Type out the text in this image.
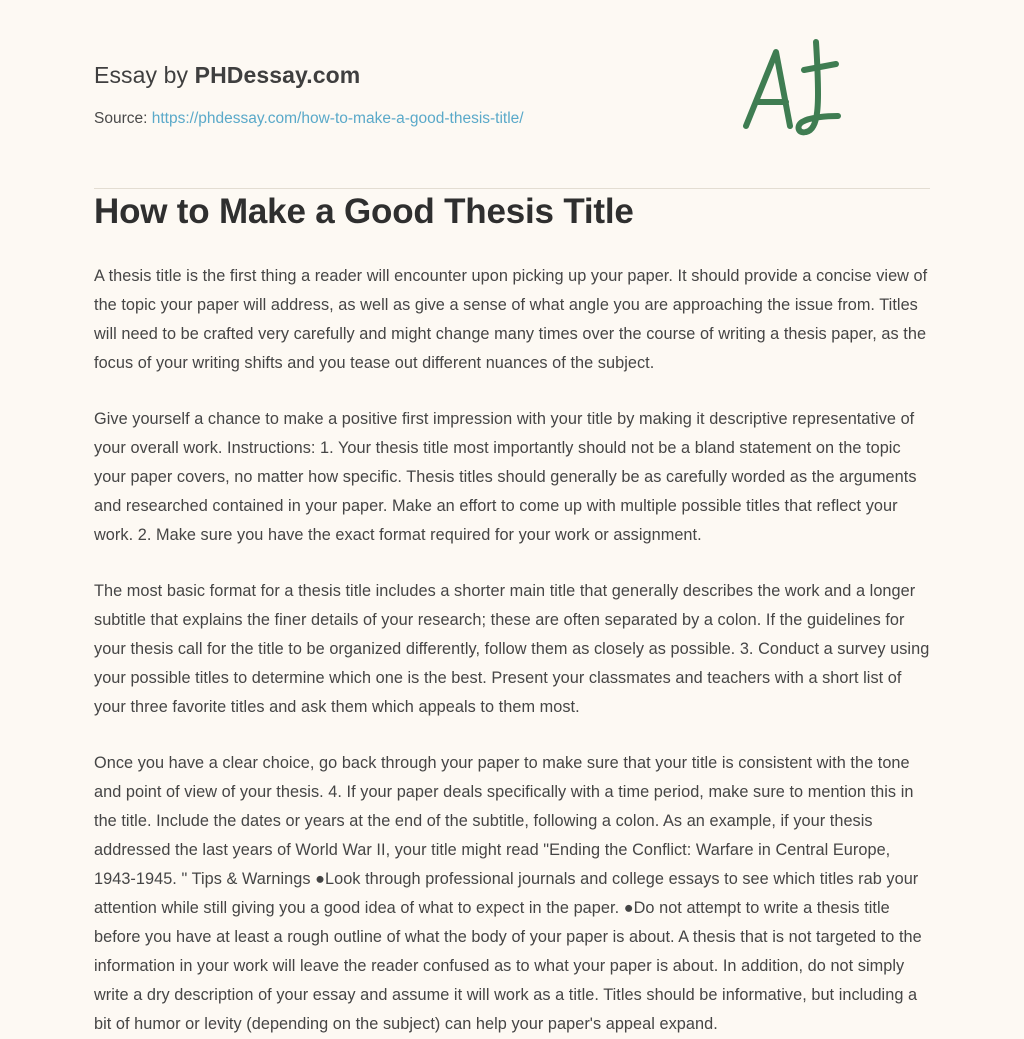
Essay by PHDessay.com
Source: https://phdessay.com/how-to-make-a-good-thesis-title/
How to Make a Good Thesis Title

A thesis title is the first thing a reader will encounter upon picking up your paper. It should provide a concise view of the topic your paper will address, as well as give a sense of what angle you are approaching the issue from. Titles will need to be crafted very carefully and might change many times over the course of writing a thesis paper, as the focus of your writing shifts and you tease out different nuances of the subject.

Give yourself a chance to make a positive first impression with your title by making it descriptive representative of your overall work. Instructions: 1. Your thesis title most importantly should not be a bland statement on the topic your paper covers, no matter how specific. Thesis titles should generally be as carefully worded as the arguments and researched contained in your paper. Make an effort to come up with multiple possible titles that reflect your work. 2. Make sure you have the exact format required for your work or assignment.

The most basic format for a thesis title includes a shorter main title that generally describes the work and a longer subtitle that explains the finer details of your research; these are often separated by a colon. If the guidelines for your thesis call for the title to be organized differently, follow them as closely as possible. 3. Conduct a survey using your possible titles to determine which one is the best. Present your classmates and teachers with a short list of your three favorite titles and ask them which appeals to them most.

Once you have a clear choice, go back through your paper to make sure that your title is consistent with the tone and point of view of your thesis. 4. If your paper deals specifically with a time period, make sure to mention this in the title. Include the dates or years at the end of the subtitle, following a colon. As an example, if your thesis addressed the last years of World War II, your title might read "Ending the Conflict: Warfare in Central Europe, 1943-1945. " Tips & Warnings ●Look through professional journals and college essays to see which titles rab your attention while still giving you a good idea of what to expect in the paper. ●Do not attempt to write a thesis title before you have at least a rough outline of what the body of your paper is about. A thesis that is not targeted to the information in your work will leave the reader confused as to what your paper is about. In addition, do not simply write a dry description of your essay and assume it will work as a title. Titles should be informative, but including a bit of humor or levity (depending on the subject) can help your paper's appeal expand.
